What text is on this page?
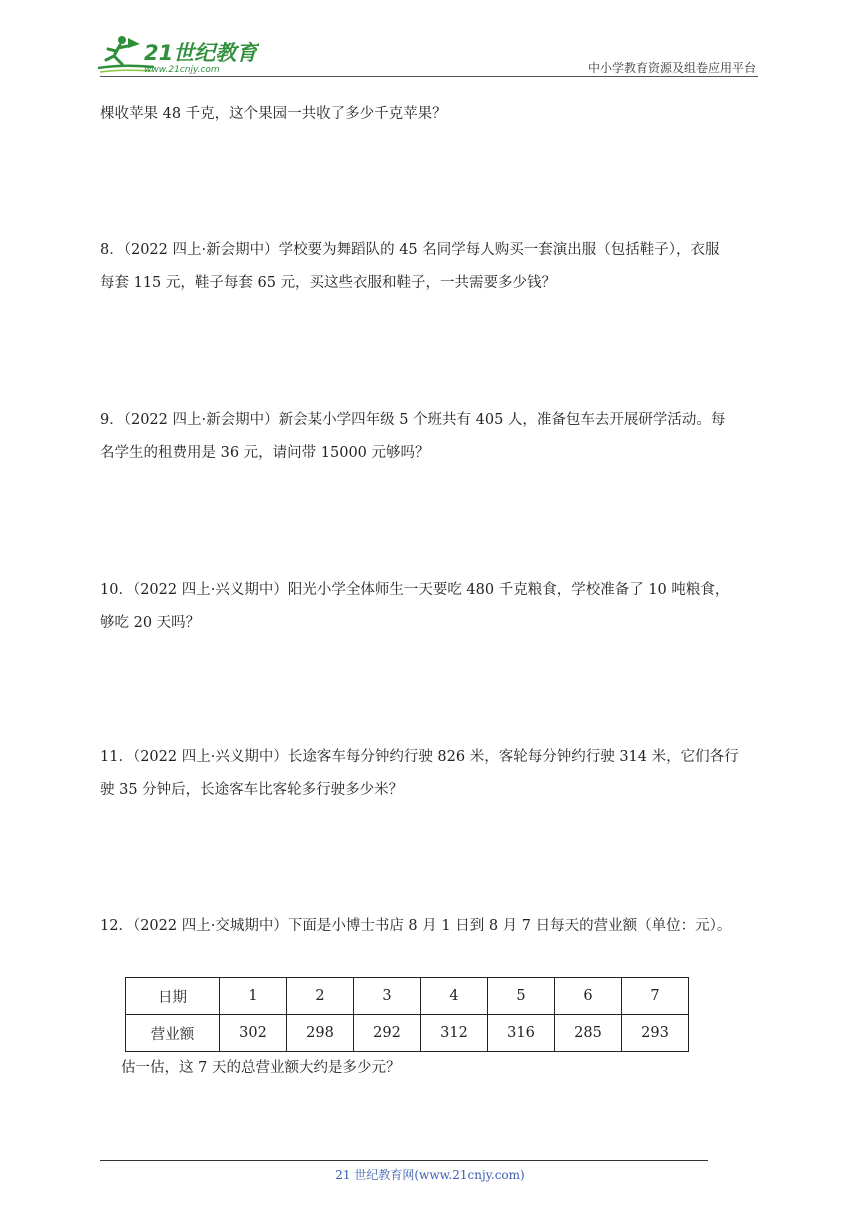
21世纪教育
www.21cnjy.com	中小学教育资源及组卷应用平台

棵收苹果 48 千克，这个果园一共收了多少千克苹果？

8．（2022 四上·新会期中）学校要为舞蹈队的 45 名同学每人购买一套演出服（包括鞋子），衣服
每套 115 元，鞋子每套 65 元，买这些衣服和鞋子，一共需要多少钱？

9．（2022 四上·新会期中）新会某小学四年级 5 个班共有 405 人，准备包车去开展研学活动。每
名学生的租费用是 36 元，请问带 15000 元够吗？

10．（2022 四上·兴义期中）阳光小学全体师生一天要吃 480 千克粮食，学校准备了 10 吨粮食，
够吃 20 天吗？

11．（2022 四上·兴义期中）长途客车每分钟约行驶 826 米，客轮每分钟约行驶 314 米，它们各行
驶 35 分钟后，长途客车比客轮多行驶多少米？

12．（2022 四上·交城期中）下面是小博士书店 8 月 1 日到 8 月 7 日每天的营业额（单位：元）。

日期	1	2	3	4	5	6	7
营业额	302	298	292	312	316	285	293

估一估，这 7 天的总营业额大约是多少元？

21 世纪教育网(www.21cnjy.com)
